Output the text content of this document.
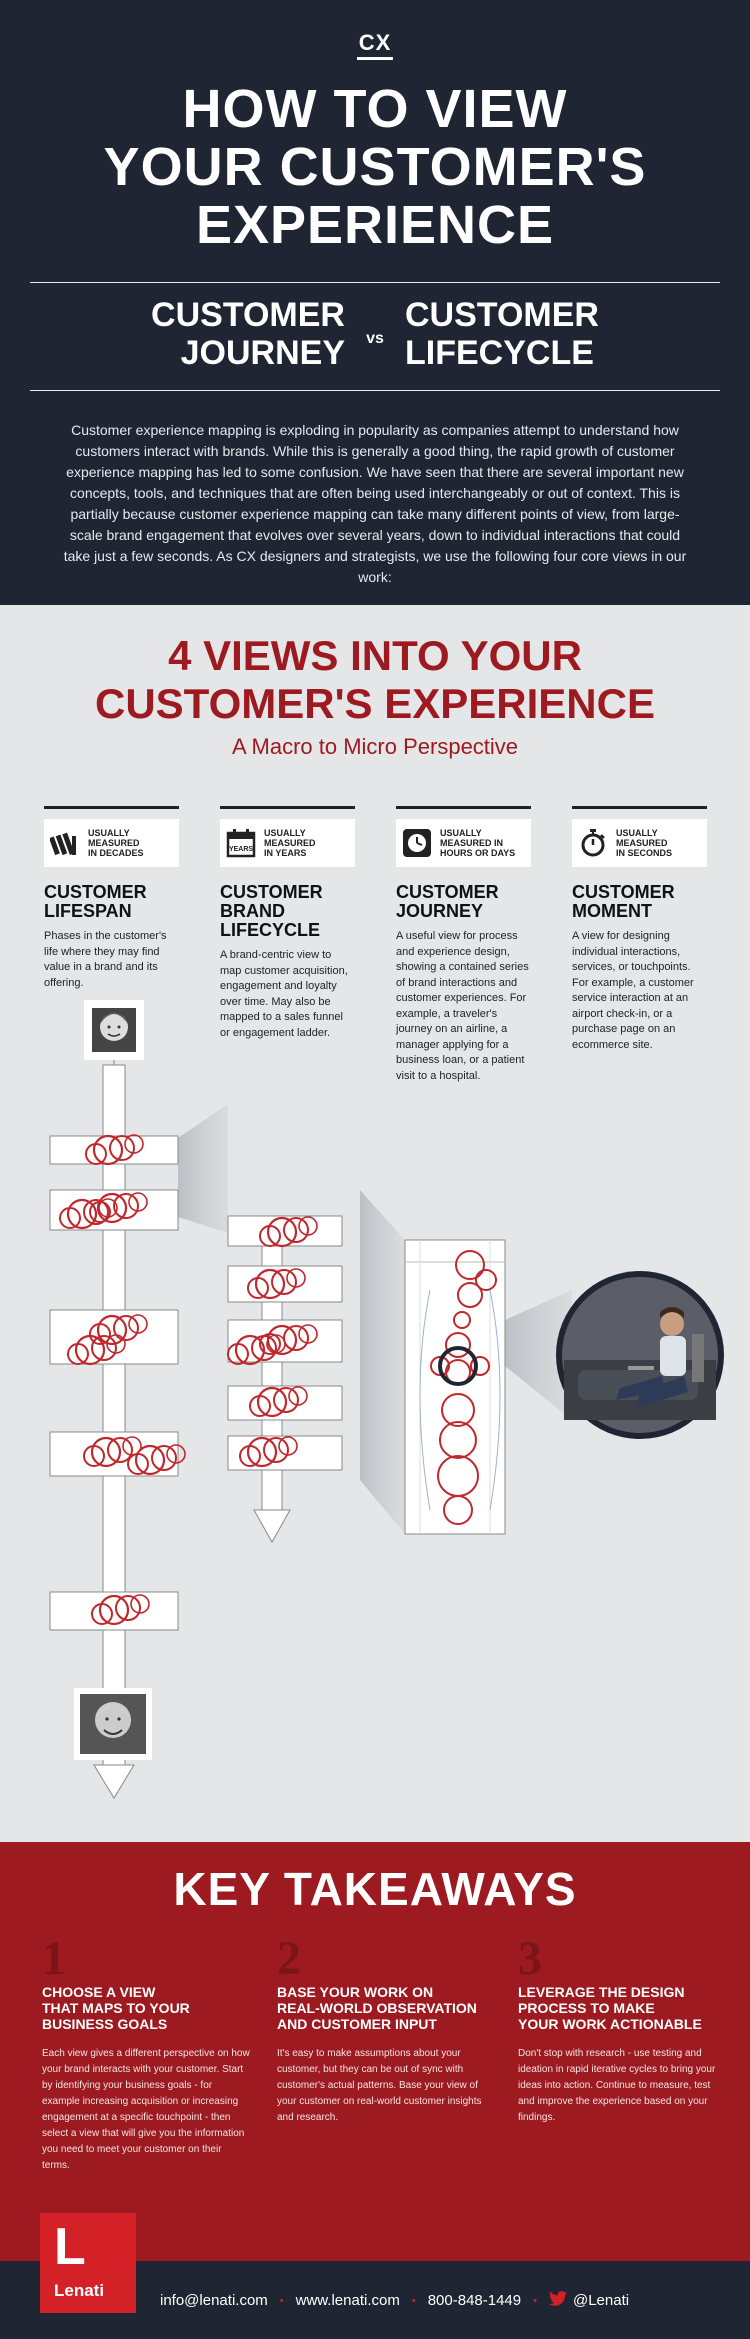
CX
HOW TO VIEW
YOUR CUSTOMER'S
EXPERIENCE
CUSTOMER
JOURNEY vs
CUSTOMER
LIFECYCLE

Customer experience mapping is exploding in popularity as companies attempt to understand how customers interact with brands. While this is generally a good thing, the rapid growth of customer experience mapping has led to some confusion. We have seen that there are several important new concepts, tools, and techniques that are often being used interchangeably or out of context. This is partially because customer experience mapping can take many different points of view, from large-scale brand engagement that evolves over several years, down to individual interactions that could take just a few seconds. As CX designers and strategists, we use the following four core views in our work:

4 VIEWS INTO YOUR
CUSTOMER'S EXPERIENCE
A Macro to Micro Perspective
USUALLY
MEASURED
IN DECADES
CUSTOMER
LIFESPAN

Phases in the customer's life where they may find value in a brand and its offering.

YEARS
USUALLY
MEASURED
IN YEARS
CUSTOMER
BRAND
LIFECYCLE

A brand-centric view to map customer acquisition, engagement and loyalty over time. May also be mapped to a sales funnel or engagement ladder.

USUALLY
MEASURED IN
HOURS OR DAYS
CUSTOMER
JOURNEY

A useful view for process and experience design, showing a contained series of brand interactions and customer experiences. For example, a traveler's journey on an airline, a manager applying for a business loan, or a patient visit to a hospital.

USUALLY
MEASURED
IN SECONDS
CUSTOMER
MOMENT

A view for designing individual interactions, services, or touchpoints. For example, a customer service interaction at an airport check-in, or a purchase page on an ecommerce site.

KEY TAKEAWAYS
1
CHOOSE A VIEW
THAT MAPS TO YOUR
BUSINESS GOALS

Each view gives a different perspective on how your brand interacts with your customer. Start by identifying your business goals - for example increasing acquisition or increasing engagement at a specific touchpoint - then select a view that will give you the information you need to meet your customer on their terms.

2
BASE YOUR WORK ON
REAL-WORLD OBSERVATION
AND CUSTOMER INPUT

It's easy to make assumptions about your customer, but they can be out of sync with customer's actual patterns. Base your view of your customer on real-world customer insights and research.

3
LEVERAGE THE DESIGN
PROCESS TO MAKE
YOUR WORK ACTIONABLE

Don't stop with research - use testing and ideation in rapid iterative cycles to bring your ideas into action. Continue to measure, test and improve the experience based on your findings.

L
Lenati
info@lenati.com • www.lenati.com • 800-848-1449 • @Lenati
